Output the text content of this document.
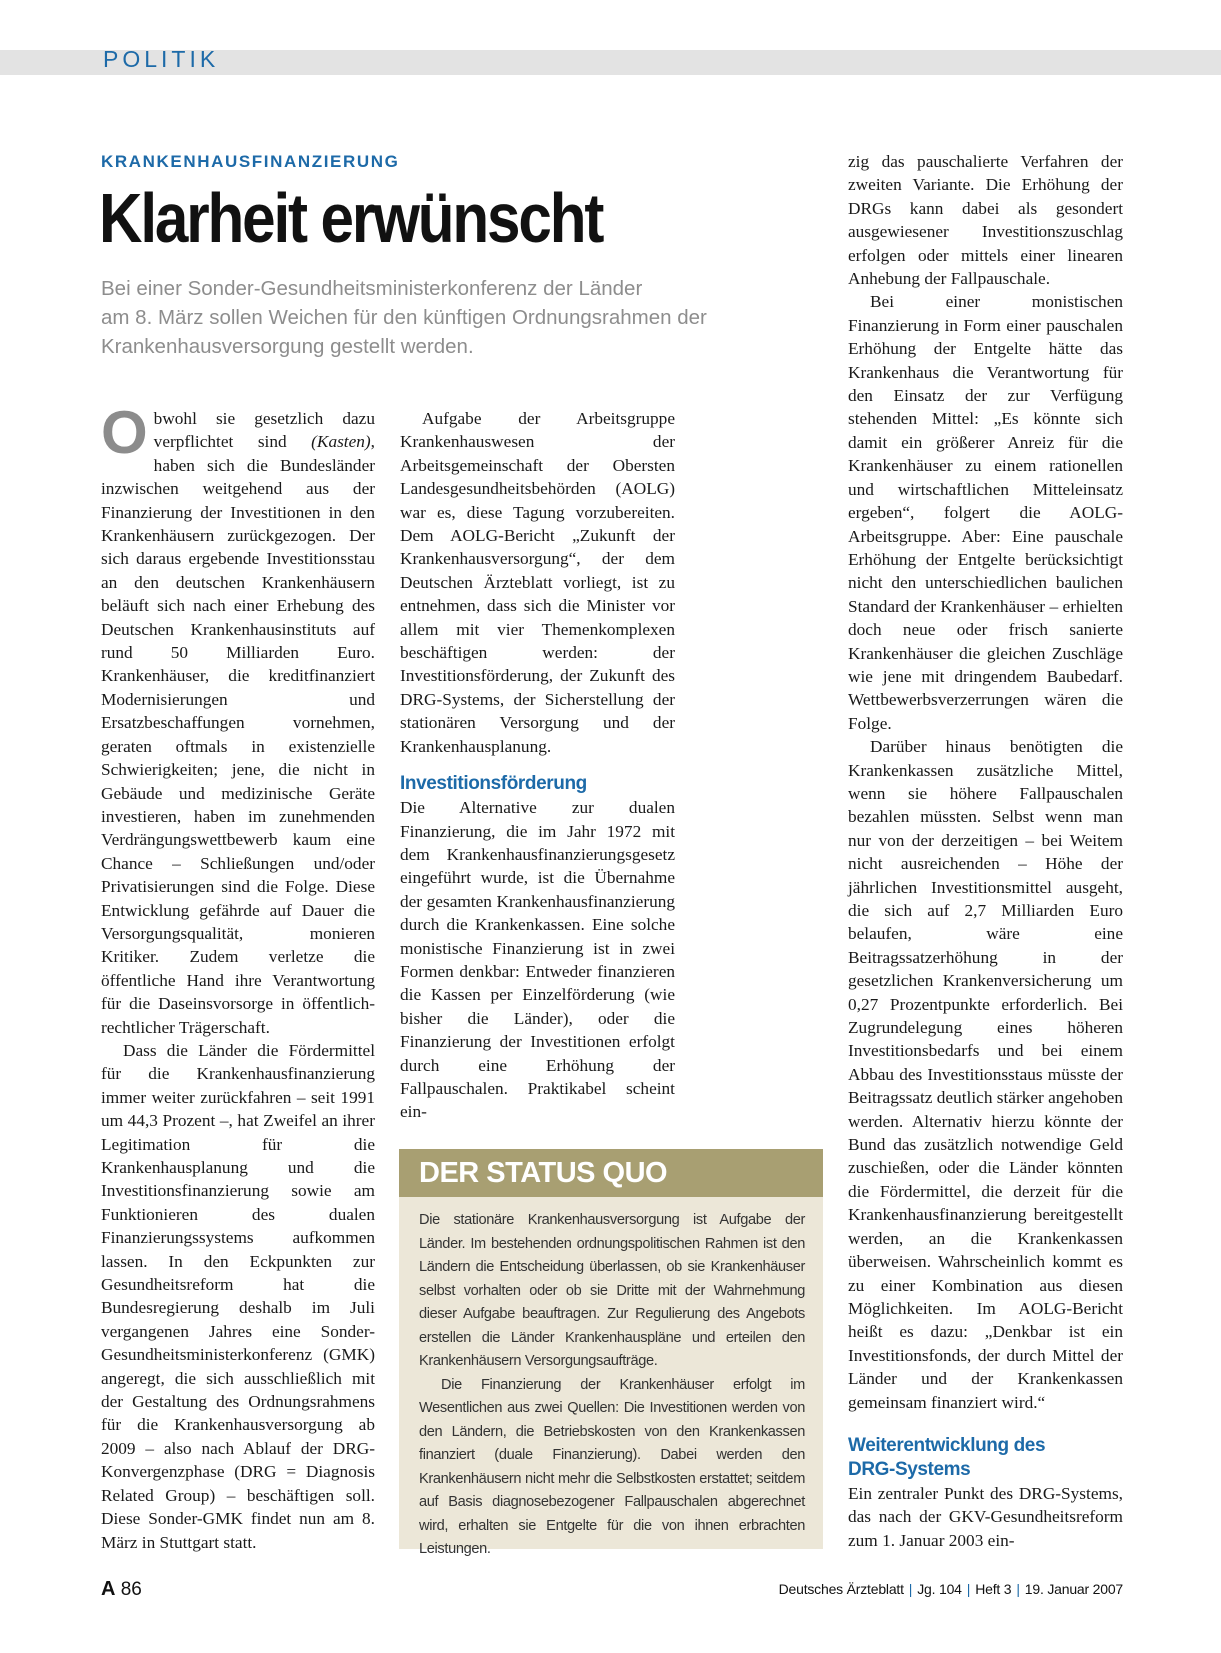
POLITIK
KRANKENHAUSFINANZIERUNG
Klarheit erwünscht
Bei einer Sonder-Gesundheitsministerkonferenz der Länder
am 8. März sollen Weichen für den künftigen Ordnungsrahmen der
Krankenhausversorgung gestellt werden.

Obwohl sie gesetzlich dazu verpflichtet sind (Kasten), haben sich die Bundesländer inzwischen weitgehend aus der Finanzierung der Investitionen in den Krankenhäusern zurückgezogen. Der sich daraus ergebende Investitionsstau an den deutschen Krankenhäusern beläuft sich nach einer Erhebung des Deutschen Krankenhausinstituts auf rund 50 Milliarden Euro. Krankenhäuser, die kreditfinanziert Modernisierungen und Ersatzbeschaffungen vornehmen, geraten oftmals in existenzielle Schwierigkeiten; jene, die nicht in Gebäude und medizinische Geräte investieren, haben im zunehmenden Verdrängungswettbewerb kaum eine Chance – Schließungen und/oder Privatisierungen sind die Folge. Diese Entwicklung gefährde auf Dauer die Versorgungsqualität, monieren Kritiker. Zudem verletze die öffentliche Hand ihre Verantwortung für die Daseinsvorsorge in öffentlich-rechtlicher Trägerschaft.

Dass die Länder die Fördermittel für die Krankenhausfinanzierung immer weiter zurückfahren – seit 1991 um 44,3 Prozent –, hat Zweifel an ihrer Legitimation für die Krankenhausplanung und die Investitionsfinanzierung sowie am Funktionieren des dualen Finanzierungssystems aufkommen lassen. In den Eckpunkten zur Gesundheitsreform hat die Bundesregierung deshalb im Juli vergangenen Jahres eine Sonder-Gesundheitsministerkonferenz (GMK) angeregt, die sich ausschließlich mit der Gestaltung des Ordnungsrahmens für die Krankenhausversorgung ab 2009 – also nach Ablauf der DRG-Konvergenzphase (DRG = Diagnosis Related Group) – beschäftigen soll. Diese Sonder-GMK findet nun am 8. März in Stuttgart statt.

Aufgabe der Arbeitsgruppe Krankenhauswesen der Arbeitsgemeinschaft der Obersten Landesgesundheitsbehörden (AOLG) war es, diese Tagung vorzubereiten. Dem AOLG-Bericht „Zukunft der Krankenhausversorgung“, der dem Deutschen Ärzteblatt vorliegt, ist zu entnehmen, dass sich die Minister vor allem mit vier Themenkomplexen beschäftigen werden: der Investitionsförderung, der Zukunft des DRG-Systems, der Sicherstellung der stationären Versorgung und der Krankenhausplanung.

Investitionsförderung

Die Alternative zur dualen Finanzierung, die im Jahr 1972 mit dem Krankenhausfinanzierungsgesetz eingeführt wurde, ist die Übernahme der gesamten Krankenhausfinanzierung durch die Krankenkassen. Eine solche monistische Finanzierung ist in zwei Formen denkbar: Entweder finanzieren die Kassen per Einzelförderung (wie bisher die Länder), oder die Finanzierung der Investitionen erfolgt durch eine Erhöhung der Fallpauschalen. Praktikabel scheint ein-

DER STATUS QUO

Die stationäre Krankenhausversorgung ist Aufgabe der Länder. Im bestehenden ordnungspolitischen Rahmen ist den Ländern die Entscheidung überlassen, ob sie Krankenhäuser selbst vorhalten oder ob sie Dritte mit der Wahrnehmung dieser Aufgabe beauftragen. Zur Regulierung des Angebots erstellen die Länder Krankenhauspläne und erteilen den Krankenhäusern Versorgungsaufträge.

Die Finanzierung der Krankenhäuser erfolgt im Wesentlichen aus zwei Quellen: Die Investitionen werden von den Ländern, die Betriebskosten von den Krankenkassen finanziert (duale Finanzierung). Dabei werden den Krankenhäusern nicht mehr die Selbstkosten erstattet; seitdem auf Basis diagnosebezogener Fallpauschalen abgerechnet wird, erhalten sie Entgelte für die von ihnen erbrachten Leistungen.

zig das pauschalierte Verfahren der zweiten Variante. Die Erhöhung der DRGs kann dabei als gesondert ausgewiesener Investitionszuschlag erfolgen oder mittels einer linearen Anhebung der Fallpauschale.

Bei einer monistischen Finanzierung in Form einer pauschalen Erhöhung der Entgelte hätte das Krankenhaus die Verantwortung für den Einsatz der zur Verfügung stehenden Mittel: „Es könnte sich damit ein größerer Anreiz für die Krankenhäuser zu einem rationellen und wirtschaftlichen Mitteleinsatz ergeben“, folgert die AOLG-Arbeitsgruppe. Aber: Eine pauschale Erhöhung der Entgelte berücksichtigt nicht den unterschiedlichen baulichen Standard der Krankenhäuser – erhielten doch neue oder frisch sanierte Krankenhäuser die gleichen Zuschläge wie jene mit dringendem Baubedarf. Wettbewerbsverzerrungen wären die Folge.

Darüber hinaus benötigten die Krankenkassen zusätzliche Mittel, wenn sie höhere Fallpauschalen bezahlen müssten. Selbst wenn man nur von der derzeitigen – bei Weitem nicht ausreichenden – Höhe der jährlichen Investitionsmittel ausgeht, die sich auf 2,7 Milliarden Euro belaufen, wäre eine Beitragssatzerhöhung in der gesetzlichen Krankenversicherung um 0,27 Prozentpunkte erforderlich. Bei Zugrundelegung eines höheren Investitionsbedarfs und bei einem Abbau des Investitionsstaus müsste der Beitragssatz deutlich stärker angehoben werden. Alternativ hierzu könnte der Bund das zusätzlich notwendige Geld zuschießen, oder die Länder könnten die Fördermittel, die derzeit für die Krankenhausfinanzierung bereitgestellt werden, an die Krankenkassen überweisen. Wahrscheinlich kommt es zu einer Kombination aus diesen Möglichkeiten. Im AOLG-Bericht heißt es dazu: „Denkbar ist ein Investitionsfonds, der durch Mittel der Länder und der Krankenkassen gemeinsam finanziert wird.“

Weiterentwicklung des
DRG-Systems

Ein zentraler Punkt des DRG-Systems, das nach der GKV-Gesundheitsreform zum 1. Januar 2003 ein-

A 86	Deutsches Ärzteblatt | Jg. 104 | Heft 3 | 19. Januar 2007
